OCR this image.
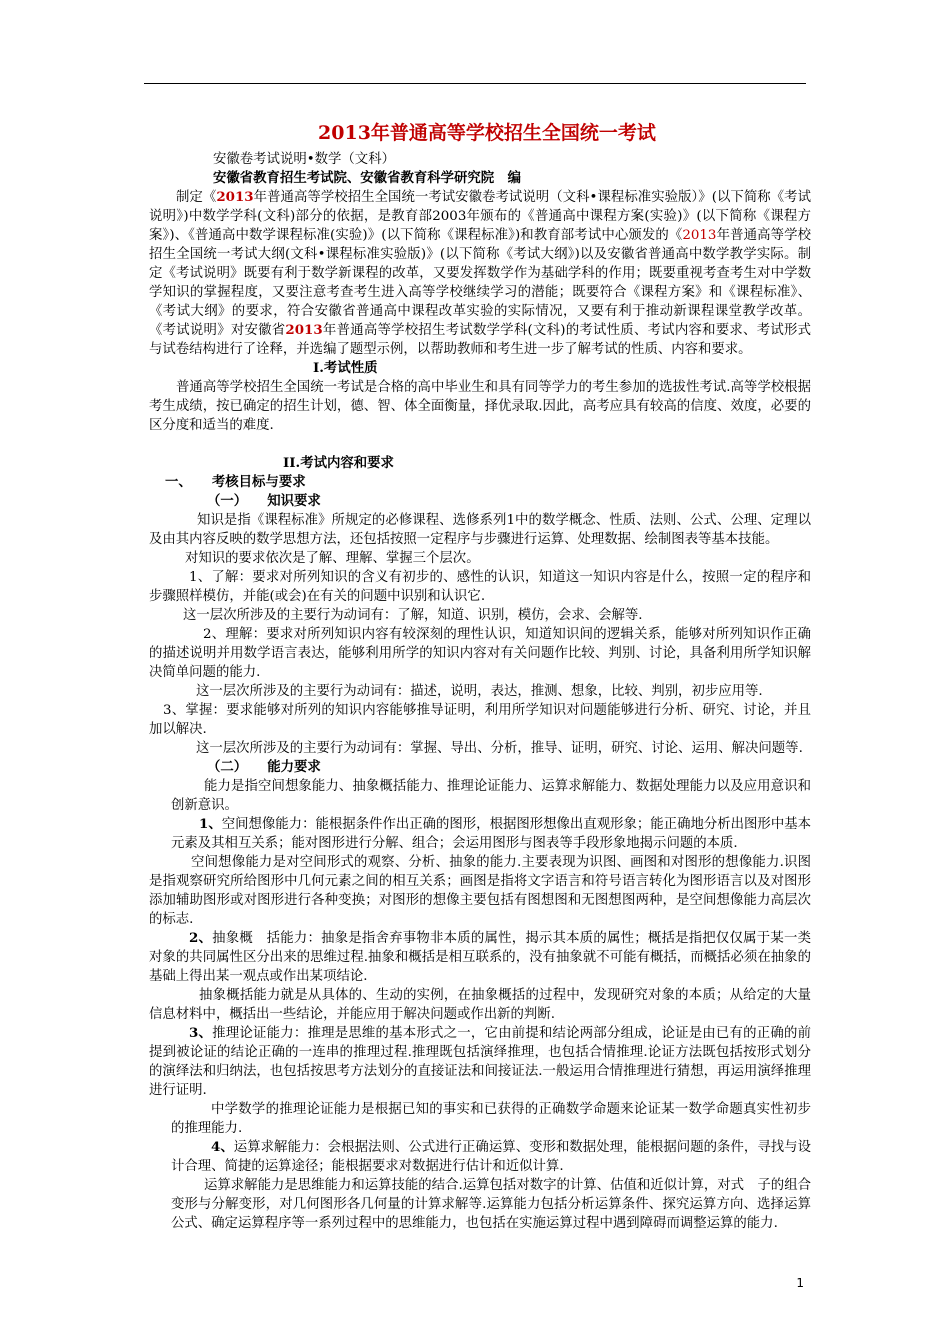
2013年普通高等学校招生全国统一考试
安徽卷考试说明•数学（文科）
安徽省教育招生考试院、安徽省教育科学研究院　编
制定《2013年普通高等学校招生全国统一考试安徽卷考试说明（文科•课程标准实验版）》(以下简称《考试说明》)中数学学科(文科)部分的依据，是教育部2003年颁布的《普通高中课程方案(实验)》(以下简称《课程方案》)、《普通高中数学课程标准(实验)》(以下简称《课程标准》)和教育部考试中心颁发的《2013年普通高等学校招生全国统一考试大纲(文科•课程标准实验版)》(以下简称《考试大纲》)以及安徽省普通高中数学教学实际。制定《考试说明》既要有利于数学新课程的改革，又要发挥数学作为基础学科的作用；既要重视考查考生对中学数学知识的掌握程度，又要注意考查考生进入高等学校继续学习的潜能；既要符合《课程方案》和《课程标准》、《考试大纲》的要求，符合安徽省普通高中课程改革实验的实际情况，又要有利于推动新课程课堂教学改革。《考试说明》对安徽省2013年普通高等学校招生考试数学学科(文科)的考试性质、考试内容和要求、考试形式与试卷结构进行了诠释，并选编了题型示例，以帮助教师和考生进一步了解考试的性质、内容和要求。
I.考试性质
普通高等学校招生全国统一考试是合格的高中毕业生和具有同等学力的考生参加的选拔性考试.高等学校根据考生成绩，按已确定的招生计划，德、智、体全面衡量，择优录取.因此，高考应具有较高的信度、效度，必要的区分度和适当的难度.
II.考试内容和要求
一、　　考核目标与要求
（一）　　知识要求
知识是指《课程标准》所规定的必修课程、选修系列1中的数学概念、性质、法则、公式、公理、定理以及由其内容反映的数学思想方法，还包括按照一定程序与步骤进行运算、处理数据、绘制图表等基本技能。
对知识的要求依次是了解、理解、掌握三个层次。
1、了解：要求对所列知识的含义有初步的、感性的认识，知道这一知识内容是什么，按照一定的程序和步骤照样模仿，并能(或会)在有关的问题中识别和认识它.
这一层次所涉及的主要行为动词有：了解，知道、识别，模仿，会求、会解等.
2、理解：要求对所列知识内容有较深刻的理性认识，知道知识间的逻辑关系，能够对所列知识作正确的描述说明并用数学语言表达，能够利用所学的知识内容对有关问题作比较、判别、讨论，具备利用所学知识解决简单问题的能力.
这一层次所涉及的主要行为动词有：描述，说明，表达，推测、想象，比较、判别，初步应用等.
3、掌握：要求能够对所列的知识内容能够推导证明，利用所学知识对问题能够进行分析、研究、讨论，并且加以解决.
这一层次所涉及的主要行为动词有：掌握、导出、分析，推导、证明，研究、讨论、运用、解决问题等.
（二）　　能力要求
能力是指空间想象能力、抽象概括能力、推理论证能力、运算求解能力、数据处理能力以及应用意识和创新意识。
1、空间想像能力：能根据条件作出正确的图形，根据图形想像出直观形象；能正确地分析出图形中基本元素及其相互关系；能对图形进行分解、组合；会运用图形与图表等手段形象地揭示问题的本质.
空间想像能力是对空间形式的观察、分析、抽象的能力.主要表现为识图、画图和对图形的想像能力.识图是指观察研究所给图形中几何元素之间的相互关系；画图是指将文字语言和符号语言转化为图形语言以及对图形添加辅助图形或对图形进行各种变换；对图形的想像主要包括有图想图和无图想图两种，是空间想像能力高层次的标志.
2、抽象概　括能力：抽象是指舍弃事物非本质的属性，揭示其本质的属性；概括是指把仅仅属于某一类对象的共同属性区分出来的思维过程.抽象和概括是相互联系的，没有抽象就不可能有概括，而概括必须在抽象的基础上得出某一观点或作出某项结论.
抽象概括能力就是从具体的、生动的实例，在抽象概括的过程中，发现研究对象的本质；从给定的大量信息材料中，概括出一些结论，并能应用于解决问题或作出新的判断.
3、推理论证能力：推理是思维的基本形式之一，它由前提和结论两部分组成，论证是由已有的正确的前提到被论证的结论正确的一连串的推理过程.推理既包括演绎推理，也包括合情推理.论证方法既包括按形式划分的演绎法和归纳法，也包括按思考方法划分的直接证法和间接证法.一般运用合情推理进行猜想，再运用演绎推理进行证明.
中学数学的推理论证能力是根据已知的事实和已获得的正确数学命题来论证某一数学命题真实性初步的推理能力.
4、运算求解能力：会根据法则、公式进行正确运算、变形和数据处理，能根据问题的条件，寻找与设计合理、简捷的运算途径；能根据要求对数据进行估计和近似计算.
运算求解能力是思维能力和运算技能的结合.运算包括对数字的计算、估值和近似计算，对式　子的组合变形与分解变形，对几何图形各几何量的计算求解等.运算能力包括分析运算条件、探究运算方向、选择运算公式、确定运算程序等一系列过程中的思维能力，也包括在实施运算过程中遇到障碍而调整运算的能力.
1
